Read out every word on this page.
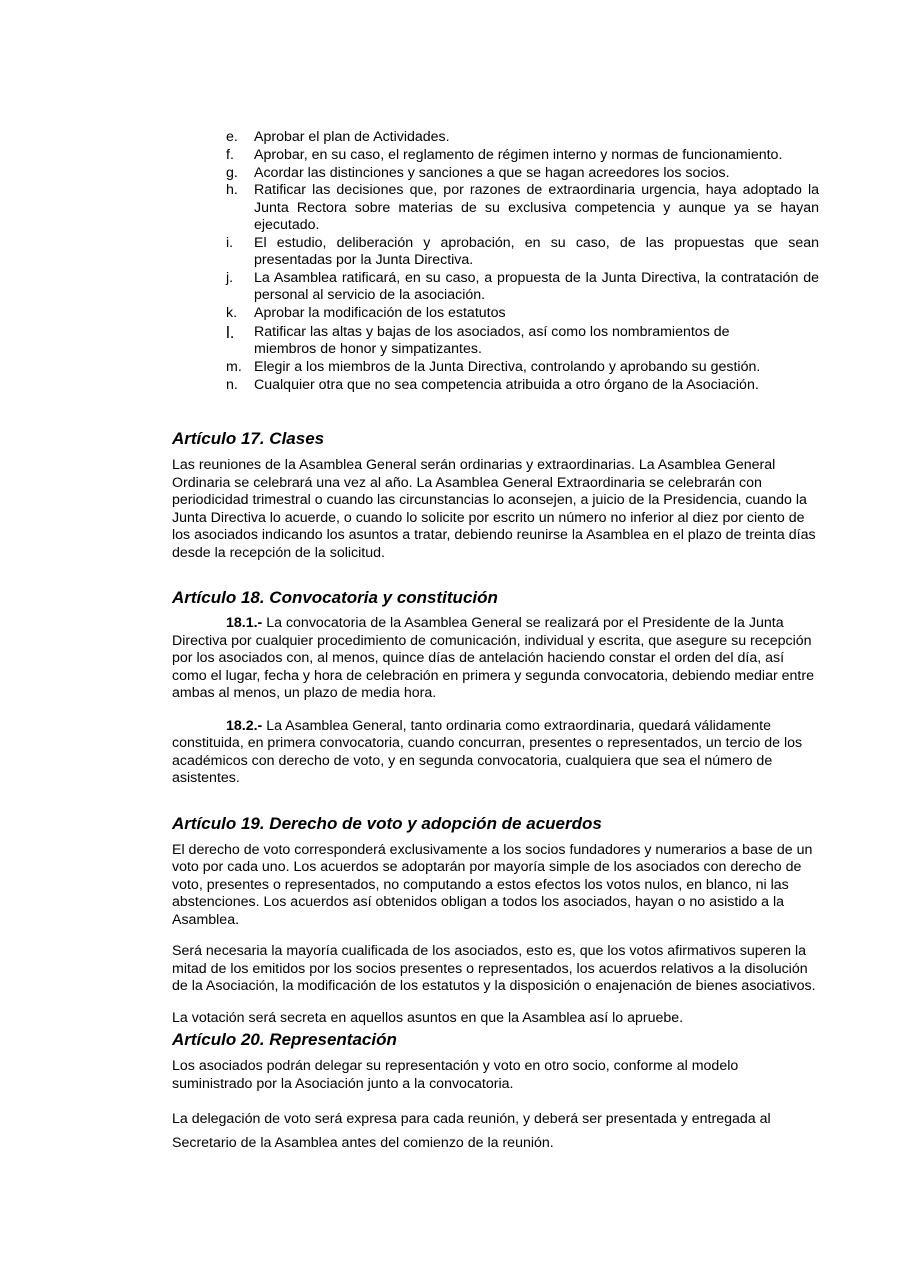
e.	Aprobar el plan de Actividades.
f.	Aprobar, en su caso, el reglamento de régimen interno y normas de funcionamiento.
g.	Acordar las distinciones y sanciones a que se hagan acreedores los socios.
h.	Ratificar las decisiones que, por razones de extraordinaria urgencia, haya adoptado la Junta Rectora sobre materias de su exclusiva competencia y aunque ya se hayan ejecutado.
i.	El estudio, deliberación y aprobación, en su caso, de las propuestas que sean presentadas por la Junta Directiva.
j.	La Asamblea ratificará, en su caso, a propuesta de la Junta Directiva, la contratación de personal al servicio de la asociación.
k.	Aprobar la modificación de los estatutos
l.	Ratificar las altas y bajas de los asociados, así como los nombramientos de miembros de honor y simpatizantes.
m. Elegir a los miembros de la Junta Directiva, controlando y aprobando su gestión.
n.	Cualquier otra que no sea competencia atribuida a otro órgano de la Asociación.
Artículo 17. Clases

Las reuniones de la Asamblea General serán ordinarias y extraordinarias. La Asamblea General Ordinaria se celebrará una vez al año. La Asamblea General Extraordinaria se celebrarán con periodicidad trimestral o cuando las circunstancias lo aconsejen, a juicio de la Presidencia, cuando la Junta Directiva lo acuerde, o cuando lo solicite por escrito un número no inferior al diez por ciento de los asociados indicando los asuntos a tratar, debiendo reunirse la Asamblea en el plazo de treinta días desde la recepción de la solicitud.

Artículo 18. Convocatoria y constitución

18.1.- La convocatoria de la Asamblea General se realizará por el Presidente de la Junta Directiva por cualquier procedimiento de comunicación, individual y escrita, que asegure su recepción por los asociados con, al menos, quince días de antelación haciendo constar el orden del día, así como el lugar, fecha y hora de celebración en primera y segunda convocatoria, debiendo mediar entre ambas al menos, un plazo de media hora.

18.2.- La Asamblea General, tanto ordinaria como extraordinaria, quedará válidamente constituida, en primera convocatoria, cuando concurran, presentes o representados, un tercio de los académicos con derecho de voto, y en segunda convocatoria, cualquiera que sea el número de asistentes.

Artículo 19. Derecho de voto y adopción de acuerdos

El derecho de voto corresponderá exclusivamente a los socios fundadores y numerarios a base de un voto por cada uno. Los acuerdos se adoptarán por mayoría simple de los asociados con derecho de voto, presentes o representados, no computando a estos efectos los votos nulos, en blanco, ni las abstenciones. Los acuerdos así obtenidos obligan a todos los asociados, hayan o no asistido a la Asamblea.

Será necesaria la mayoría cualificada de los asociados, esto es, que los votos afirmativos superen la mitad de los emitidos por los socios presentes o representados, los acuerdos relativos a la disolución de la Asociación, la modificación de los estatutos y la disposición o enajenación de bienes asociativos.

La votación será secreta en aquellos asuntos en que la Asamblea así lo apruebe.

Artículo 20. Representación

Los asociados podrán delegar su representación y voto en otro socio, conforme al modelo suministrado por la Asociación junto a la convocatoria.

La delegación de voto será expresa para cada reunión, y deberá ser presentada y entregada al Secretario de la Asamblea antes del comienzo de la reunión.
